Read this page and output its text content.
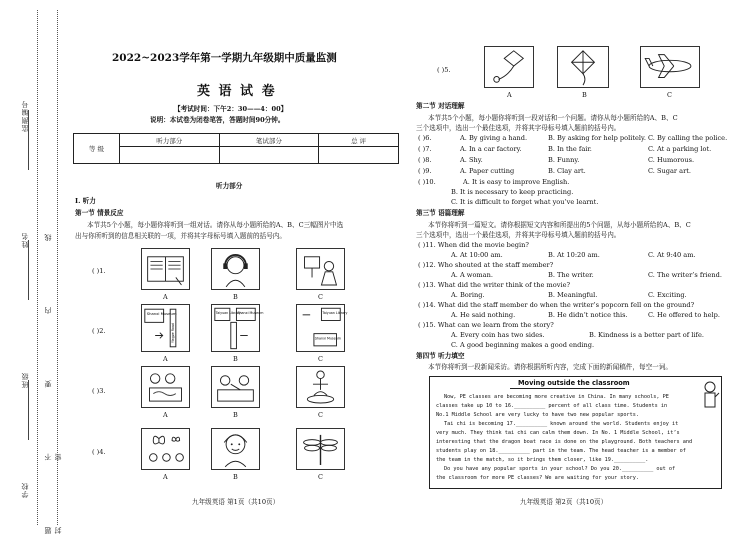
监测编号
姓名
班级
学校 题 不 要 内 线 封 密
2022~2023学年第一学期九年级期中质量监测
英 语 试 卷
【考试时间：下午2：30——4：00】
说明：本试卷为闭卷笔答，答题时间90分钟。
等 级	听力部分	笔试部分	总 评

听力部分
Ⅰ. 听力
第一节 情景反应
本节共5个小题，每小题你将听到一组对话。请你从每小题所给的A、B、C三幅图片中选
出与你所听到的信息相关联的一项，并将其字母标号填入题前的括号内。
( )1.
A	B	C
( )2.
Shanxi Museum
Yingze Road
A
Taiyuan Library
Shanxi Museum
B
Taiyuan Library
Shanxi Museum
C
( )3.
A	B	C
( )4.
A	B	C
九年级英语 第1页（共10页）
( )5.
A	B	C
第二节 对话理解
本节共5个小题，每小题你将听到一段对话和一个问题。请你从每小题所给的A、B、C
三个选项中，选出一个最佳选项，并将其字母标号填入题前的括号内。
( )6.	A. By giving a hand.	B. By asking for help politely. C. By calling the police.
( )7.	A. In a car factory.	B. In the fair.	C. At a parking lot.
( )8.	A. Shy.	B. Funny.	C. Humorous.
( )9.	A. Paper cutting	B. Clay art.	C. Sugar art.
( )10.	A. It is easy to improve English.
B. It is necessary to keep practicing.
C. It is difficult to forget what you’ve learnt.
第三节 语篇理解
本节你将听到一篇短文。请你根据短文内容和所提出的5个问题，从每小题所给的A、B、C
三个选项中，选出一个最佳选项，并将其字母标号填入题前的括号内。
( )11. When did the movie begin?
A. At 10:00 am.	B. At 10:20 am.	C. At 9:40 am.
( )12. Who shouted at the staff member?
A. A woman.	B. The writer.	C. The writer’s friend.
( )13. What did the writer think of the movie?
A. Boring.	B. Meaningful.	C. Exciting.
( )14. What did the staff member do when the writer’s popcorn fell on the ground?
A. He said nothing.	B. He didn’t notice this.	C. He offered to help.
( )15. What can we learn from the story?
A. Every coin has two sides.	B. Kindness is a better part of life.
C. A good beginning makes a good ending.
第四节 听力填空
本节你将听到一段新闻采访。请你根据所听内容，完成下面的新闻稿件，每空一词。
Moving outside the classroom
Now, PE classes are becoming more creative in China. In many schools, PE
classes take up 10 to 16.__________ percent of all class time. Students in
No.1 Middle School are very lucky to have two new popular sports.
Tai chi is becoming 17.__________ known around the world. Students enjoy it
very much. They think tai chi can calm them down. In No. 1 Middle School, it’s
interesting that the dragon boat race is done on the playground. Both teachers and
students play on 18.__________ part in the team. The head teacher is a member of
the team in the match, so it brings them closer, like 19.__________.
Do you have any popular sports in your school? Do you 20.__________ out of
the classroom for more PE classes? We are waiting for your story.
九年级英语 第2页（共10页）
